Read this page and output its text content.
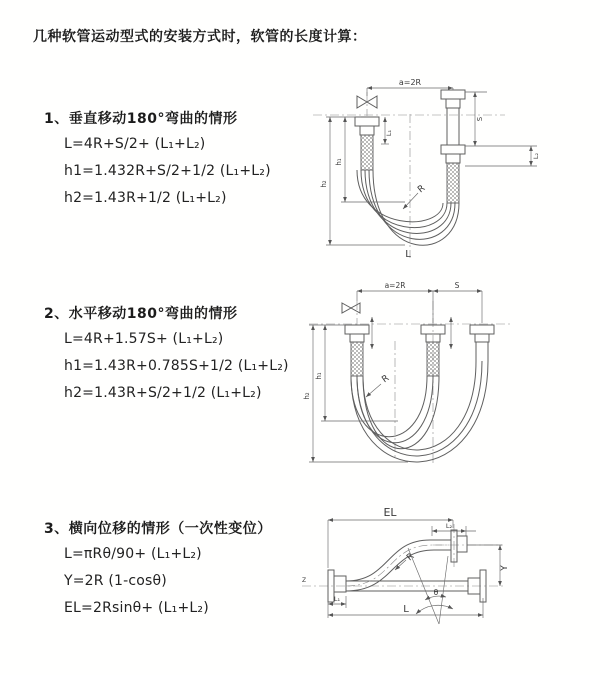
几种软管运动型式的安装方式时，软管的长度计算：
1、垂直移动180°弯曲的情形
L=4R+S/2+ (L₁+L₂)
h1=1.432R+S/2+1/2 (L₁+L₂)
h2=1.43R+1/2 (L₁+L₂)
a=2R
L₁
S
L₂
h₁
h₂	R
L
2、水平移动180°弯曲的情形
L=4R+1.57S+ (L₁+L₂)
h1=1.43R+0.785S+1/2 (L₁+L₂)
h2=1.43R+S/2+1/2 (L₁+L₂)
a=2R	S
h₁
h₂
R
3、横向位移的情形（一次性变位）
L=πRθ/90+ (L₁+L₂)
Y=2R (1-cosθ)
EL=2Rsinθ+ (L₁+L₂)
Z
EL
L₂
Y
R
θ
L₁
L
